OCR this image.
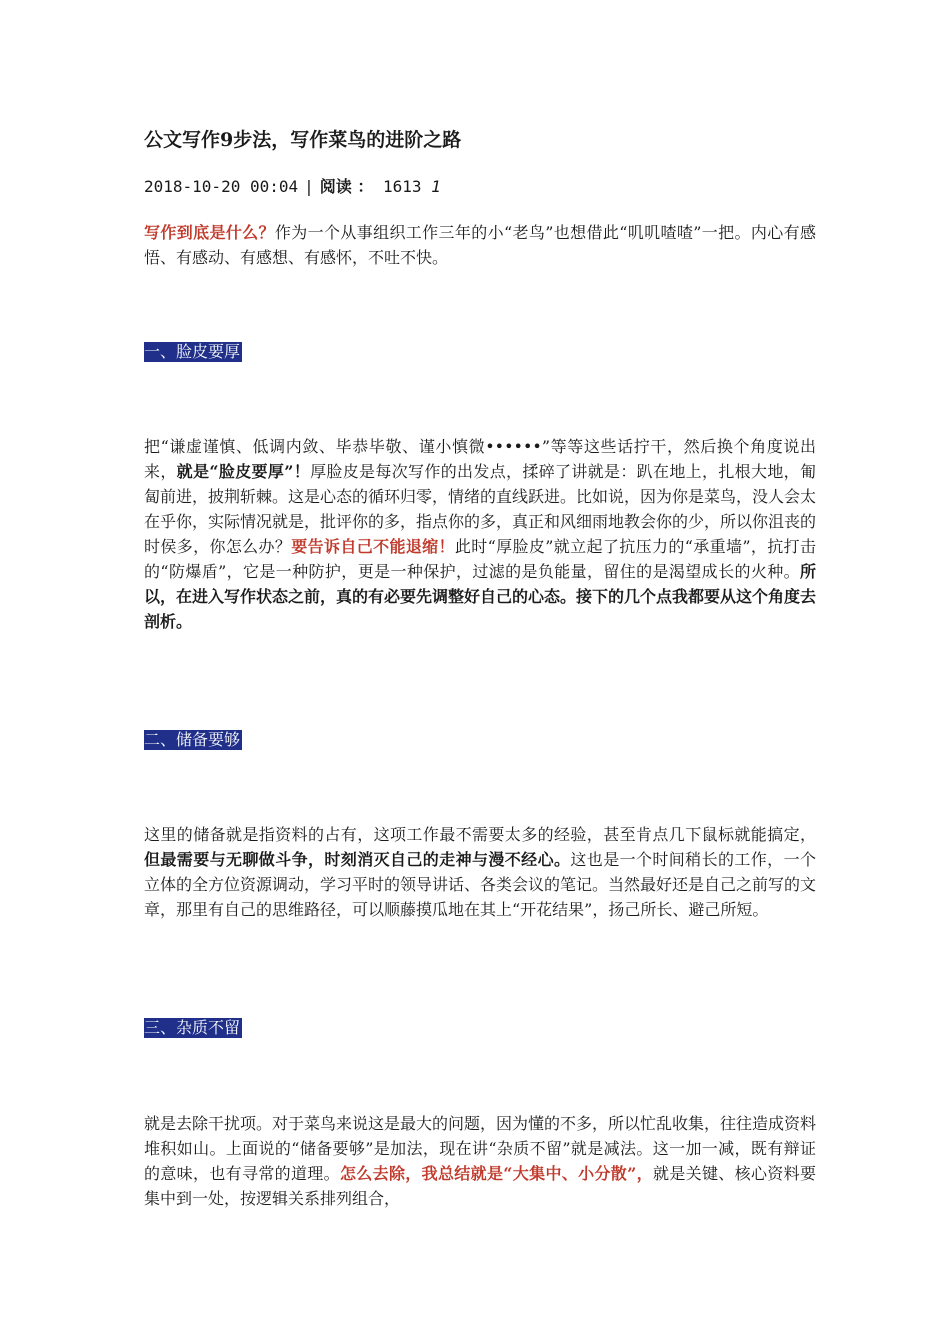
公文写作9步法，写作菜鸟的进阶之路
2018-10-20 00:04 | 阅读 ： 1613 1
写作到底是什么？作为一个从事组织工作三年的小“老鸟”也想借此“叽叽喳喳”一把。内心有感悟、有感动、有感想、有感怀，不吐不快。
一、脸皮要厚
把“谦虚谨慎、低调内敛、毕恭毕敬、谨小慎微••••••”等等这些话拧干，然后换个角度说出来，就是“脸皮要厚”！厚脸皮是每次写作的出发点，揉碎了讲就是：趴在地上，扎根大地，匍匐前进，披荆斩棘。这是心态的循环归零，情绪的直线跃进。比如说，因为你是菜鸟，没人会太在乎你，实际情况就是，批评你的多，指点你的多，真正和风细雨地教会你的少，所以你沮丧的时侯多，你怎么办？要告诉自己不能退缩！此时“厚脸皮”就立起了抗压力的“承重墙”，抗打击的“防爆盾”，它是一种防护，更是一种保护，过滤的是负能量，留住的是渴望成长的火种。所以，在进入写作状态之前，真的有必要先调整好自己的心态。接下的几个点我都要从这个角度去剖析。
二、储备要够
这里的储备就是指资料的占有，这项工作最不需要太多的经验，甚至肯点几下鼠标就能搞定，但最需要与无聊做斗争，时刻消灭自己的走神与漫不经心。这也是一个时间稍长的工作，一个立体的全方位资源调动，学习平时的领导讲话、各类会议的笔记。当然最好还是自己之前写的文章，那里有自己的思维路径，可以顺藤摸瓜地在其上“开花结果”，扬己所长、避己所短。
三、杂质不留
就是去除干扰项。对于菜鸟来说这是最大的问题，因为懂的不多，所以忙乱收集，往往造成资料堆积如山。上面说的“储备要够”是加法，现在讲“杂质不留”就是减法。这一加一减，既有辩证的意味，也有寻常的道理。怎么去除，我总结就是“大集中、小分散”，就是关键、核心资料要集中到一处，按逻辑关系排列组合，
